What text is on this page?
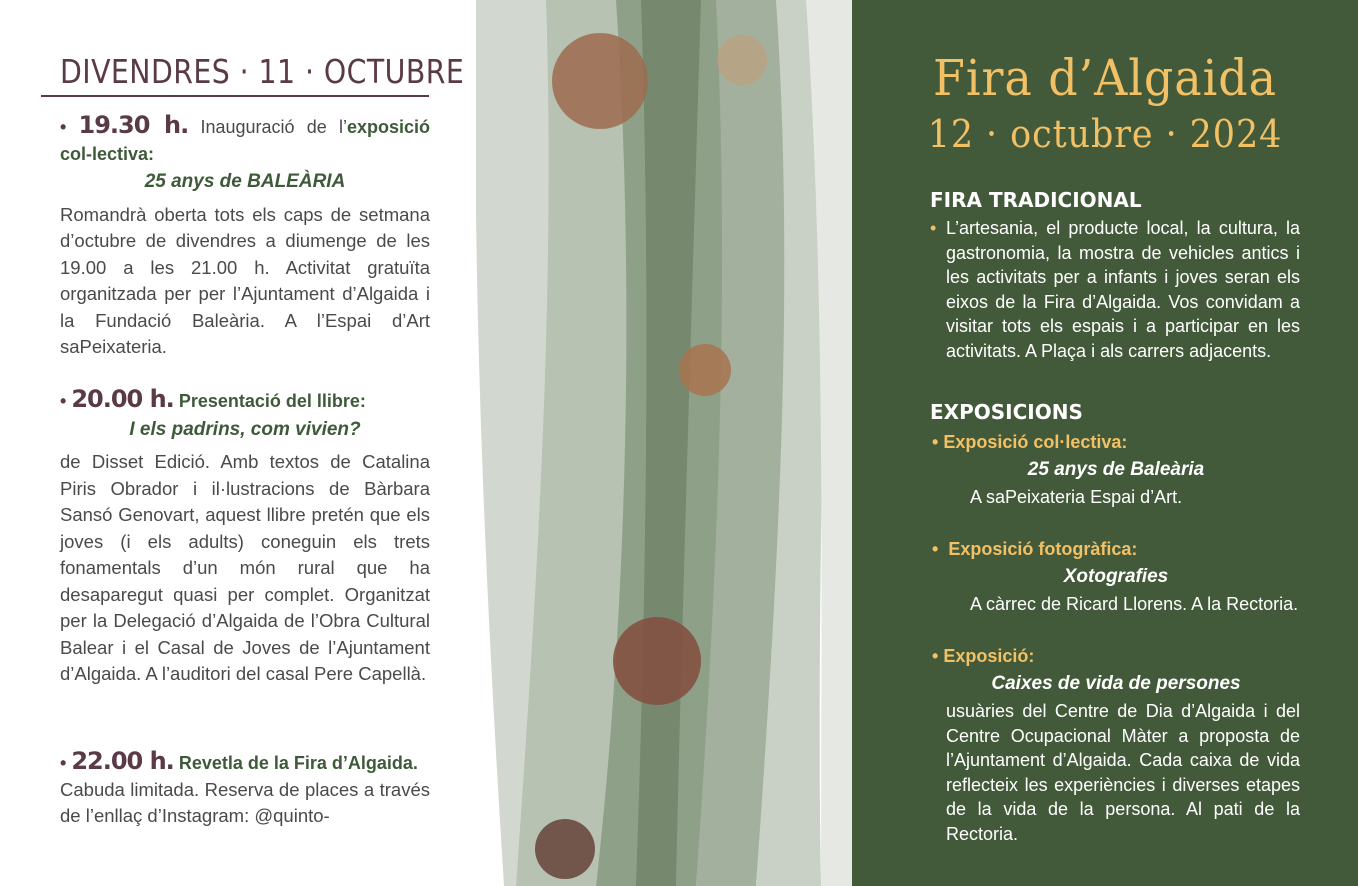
DIVENDRES · 11 · OCTUBRE
• 19.30 h. Inauguració de l’exposició col-lectiva:
25 anys de BALEÀRIA

Romandrà oberta tots els caps de setmana d’octubre de divendres a diumenge de les 19.00 a les 21.00 h. Activitat gratuïta organitzada per per l’Ajuntament d’Algaida i la Fundació Baleària. A l’Espai d’Art saPeixateria.

• 20.00 h. Presentació del llibre:
I els padrins, com vivien?

de Disset Edició. Amb textos de Catalina Piris Obrador i il·lustracions de Bàrbara Sansó Genovart, aquest llibre pretén que els joves (i els adults) coneguin els trets fonamentals d’un món rural que ha desaparegut quasi per complet. Organitzat per la Delegació d’Algaida de l’Obra Cultural Balear i el Casal de Joves de l’Ajuntament d’Algaida. A l’auditori del casal Pere Capellà.

• 22.00 h. Revetla de la Fira d’Algaida.

Cabuda limitada. Reserva de places a través de l’enllaç d’Instagram: @quinto-

Fira d’Algaida
12 · octubre · 2024
FIRA TRADICIONAL
• L’artesania, el producte local, la cultura, la gastronomia, la mostra de vehicles antics i les activitats per a infants i joves seran els eixos de la Fira d’Algaida. Vos convidam a visitar tots els espais i a participar en les activitats. A Plaça i als carrers adjacents.
EXPOSICIONS
• Exposició col·lectiva:
25 anys de Baleària
A saPeixateria Espai d’Art.
• Exposició fotogràfica:
Xotografies
A càrrec de Ricard Llorens. A la Rectoria.
• Exposició:
Caixes de vida de persones
usuàries del Centre de Dia d’Algaida i del Centre Ocupacional Màter a proposta de l’Ajuntament d’Algaida. Cada caixa de vida reflecteix les experiències i diverses etapes de la vida de la persona. Al pati de la Rectoria.
